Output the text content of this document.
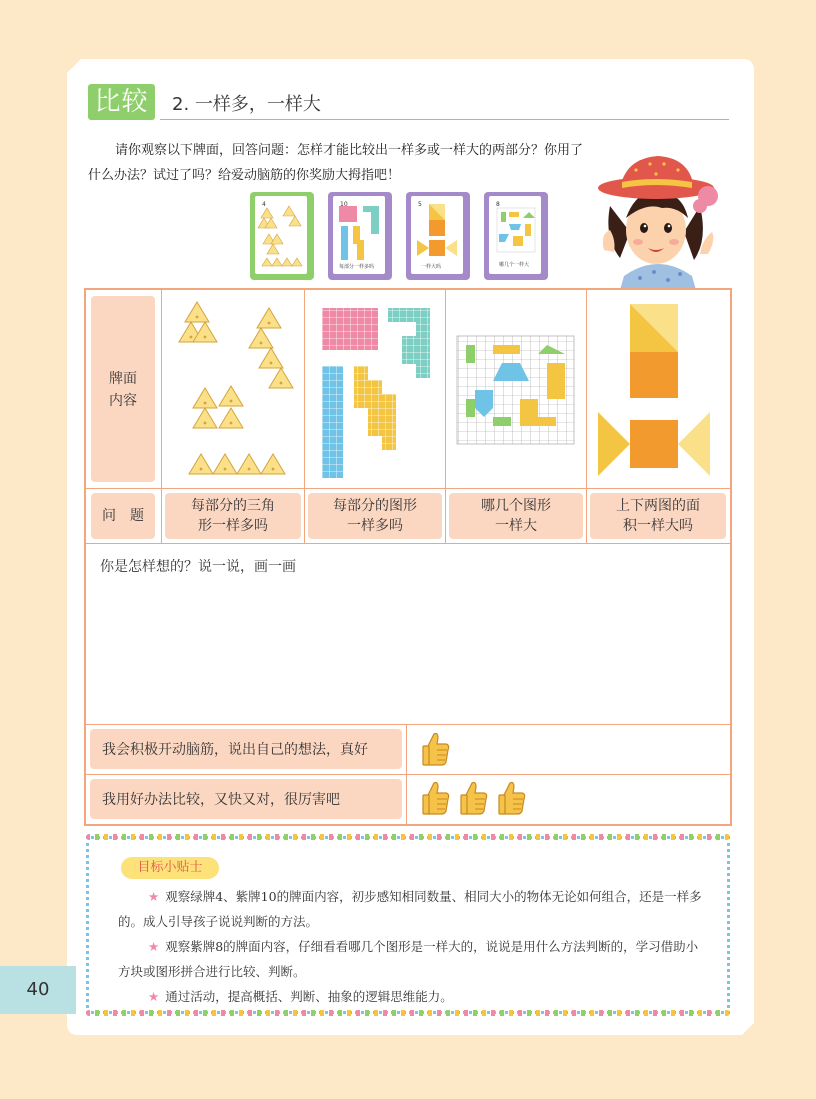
比较	2. 一样多，一样大
请你观察以下牌面，回答问题：怎样才能比较出一样多或一样大的两部分？你用了什么办法？试过了吗？给爱动脑筋的你奖励大拇指吧！
4	10
每部分一样多吗
5
一样大吗
8
哪几个一样大
牌面
内容
问　题
每部分的三角
形一样多吗
每部分的图形
一样多吗
哪几个图形
一样大
上下两图的面
积一样大吗
你是怎样想的？说一说，画一画
我会积极开动脑筋，说出自己的想法，真好
我用好办法比较，又快又对，很厉害吧
目标小贴士
★ 观察绿牌4、紫牌10的牌面内容，初步感知相同数量、相同大小的物体无论如何组合，还是一样多的。成人引导孩子说说判断的方法。
★ 观察紫牌8的牌面内容，仔细看看哪几个图形是一样大的，说说是用什么方法判断的，学习借助小方块或图形拼合进行比较、判断。
★ 通过活动，提高概括、判断、抽象的逻辑思维能力。
40
